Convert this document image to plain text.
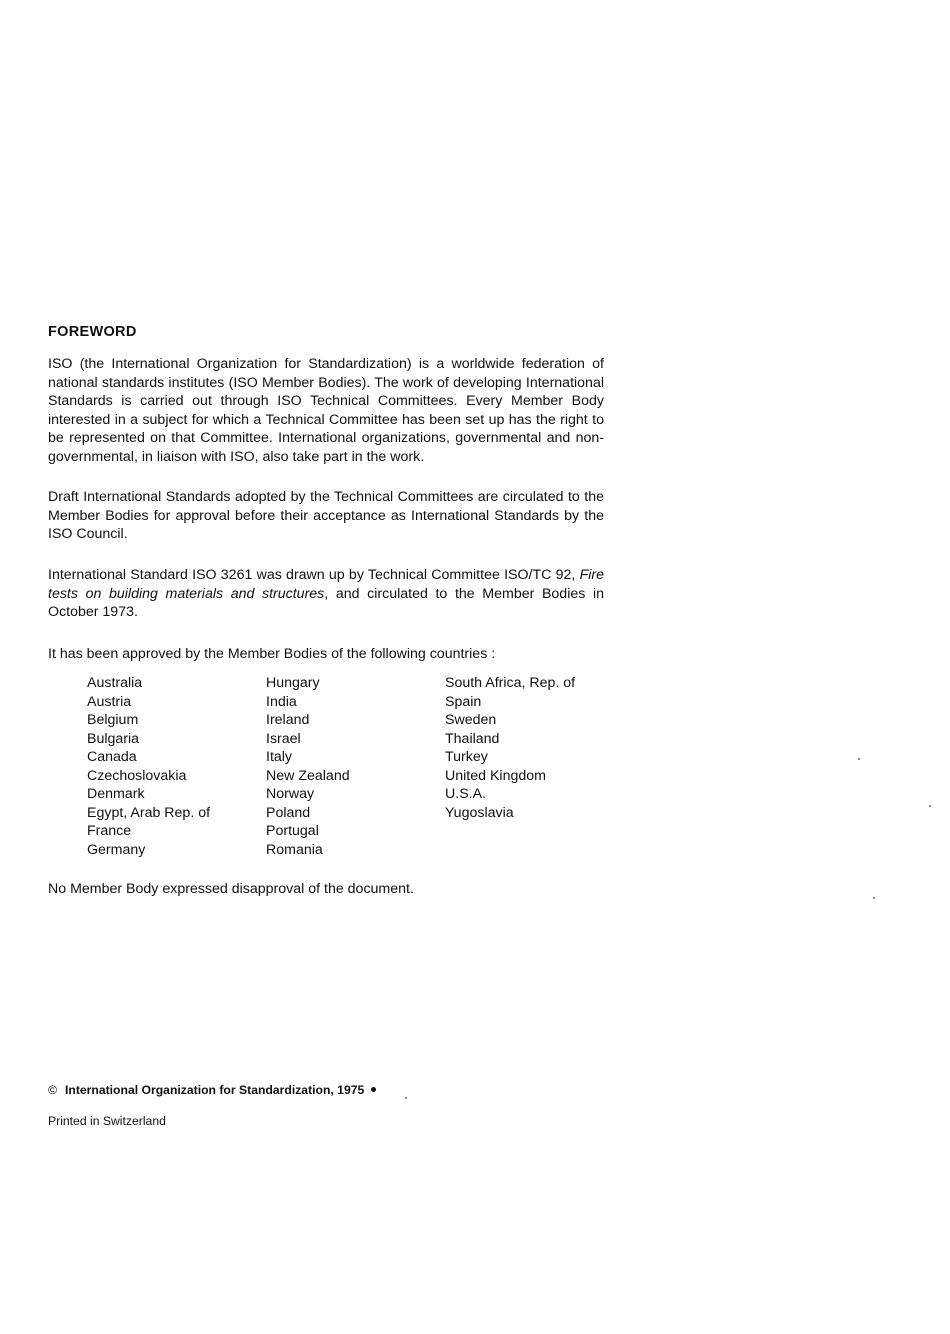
FOREWORD
ISO (the International Organization for Standardization) is a worldwide federation of national standards institutes (ISO Member Bodies). The work of developing International Standards is carried out through ISO Technical Committees. Every Member Body interested in a subject for which a Technical Committee has been set up has the right to be represented on that Committee. International organizations, governmental and non-governmental, in liaison with ISO, also take part in the work.
Draft International Standards adopted by the Technical Committees are circulated to the Member Bodies for approval before their acceptance as International Standards by the ISO Council.
International Standard ISO 3261 was drawn up by Technical Committee ISO/TC 92, Fire tests on building materials and structures, and circulated to the Member Bodies in October 1973.
It has been approved by the Member Bodies of the following countries :
Australia
Austria
Belgium
Bulgaria
Canada
Czechoslovakia
Denmark
Egypt, Arab Rep. of
France
Germany
Hungary
India
Ireland
Israel
Italy
New Zealand
Norway
Poland
Portugal
Romania
South Africa, Rep. of
Spain
Sweden
Thailand
Turkey
United Kingdom
U.S.A.
Yugoslavia
No Member Body expressed disapproval of the document.
© International Organization for Standardization, 1975
Printed in Switzerland
